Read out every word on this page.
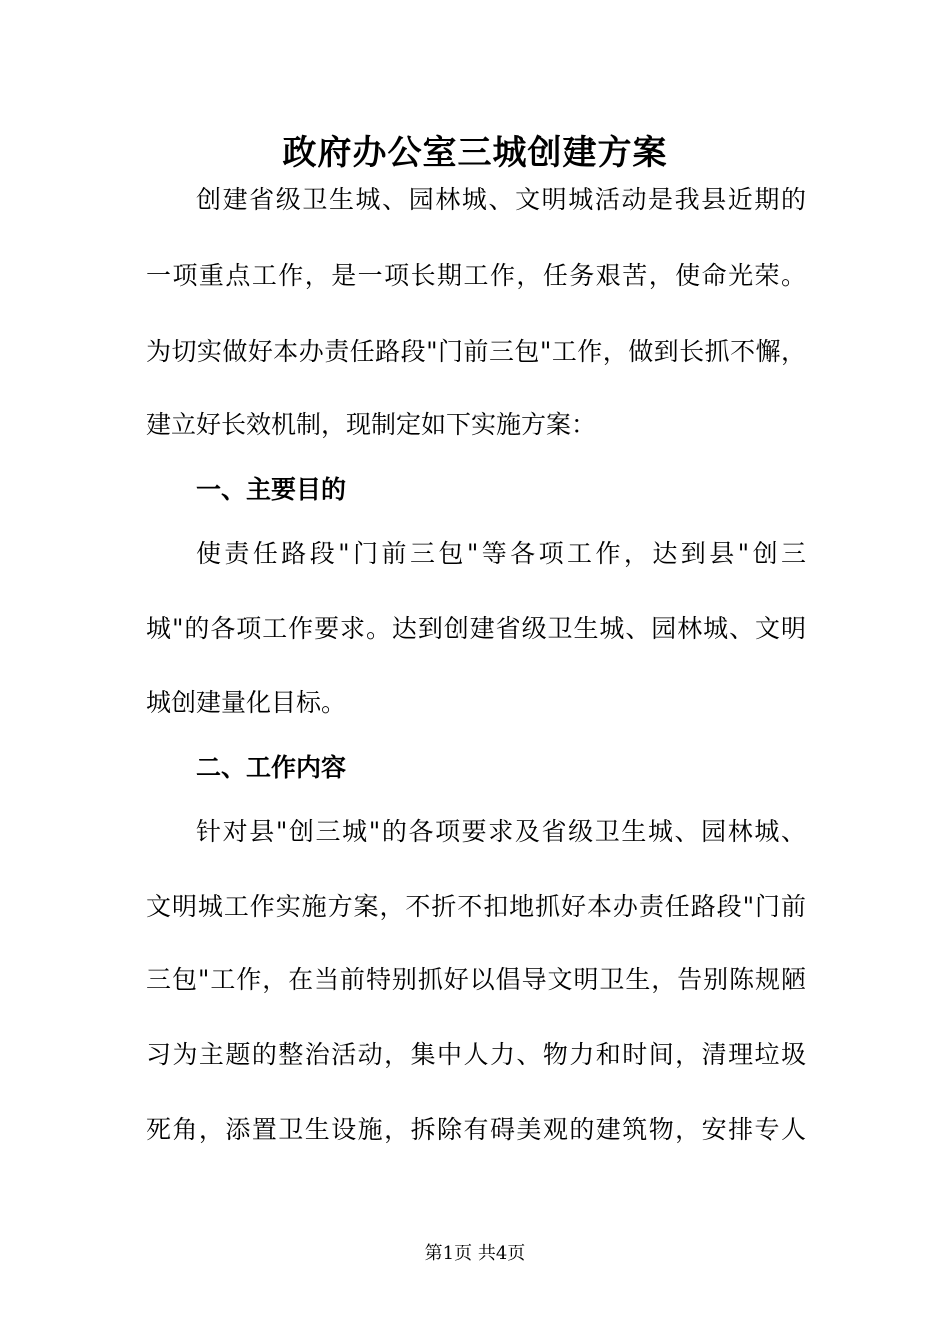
政府办公室三城创建方案

创建省级卫生城、园林城、文明城活动是我县近期的

一项重点工作，是一项长期工作，任务艰苦，使命光荣。

为切实做好本办责任路段"门前三包"工作，做到长抓不懈，

建立好长效机制，现制定如下实施方案：

一、主要目的

使责任路段"门前三包"等各项工作，达到县"创三

城"的各项工作要求。达到创建省级卫生城、园林城、文明

城创建量化目标。

二、工作内容

针对县"创三城"的各项要求及省级卫生城、园林城、

文明城工作实施方案，不折不扣地抓好本办责任路段"门前

三包"工作，在当前特别抓好以倡导文明卫生，告别陈规陋

习为主题的整治活动，集中人力、物力和时间，清理垃圾

死角，添置卫生设施，拆除有碍美观的建筑物，安排专人

第1页 共4页
